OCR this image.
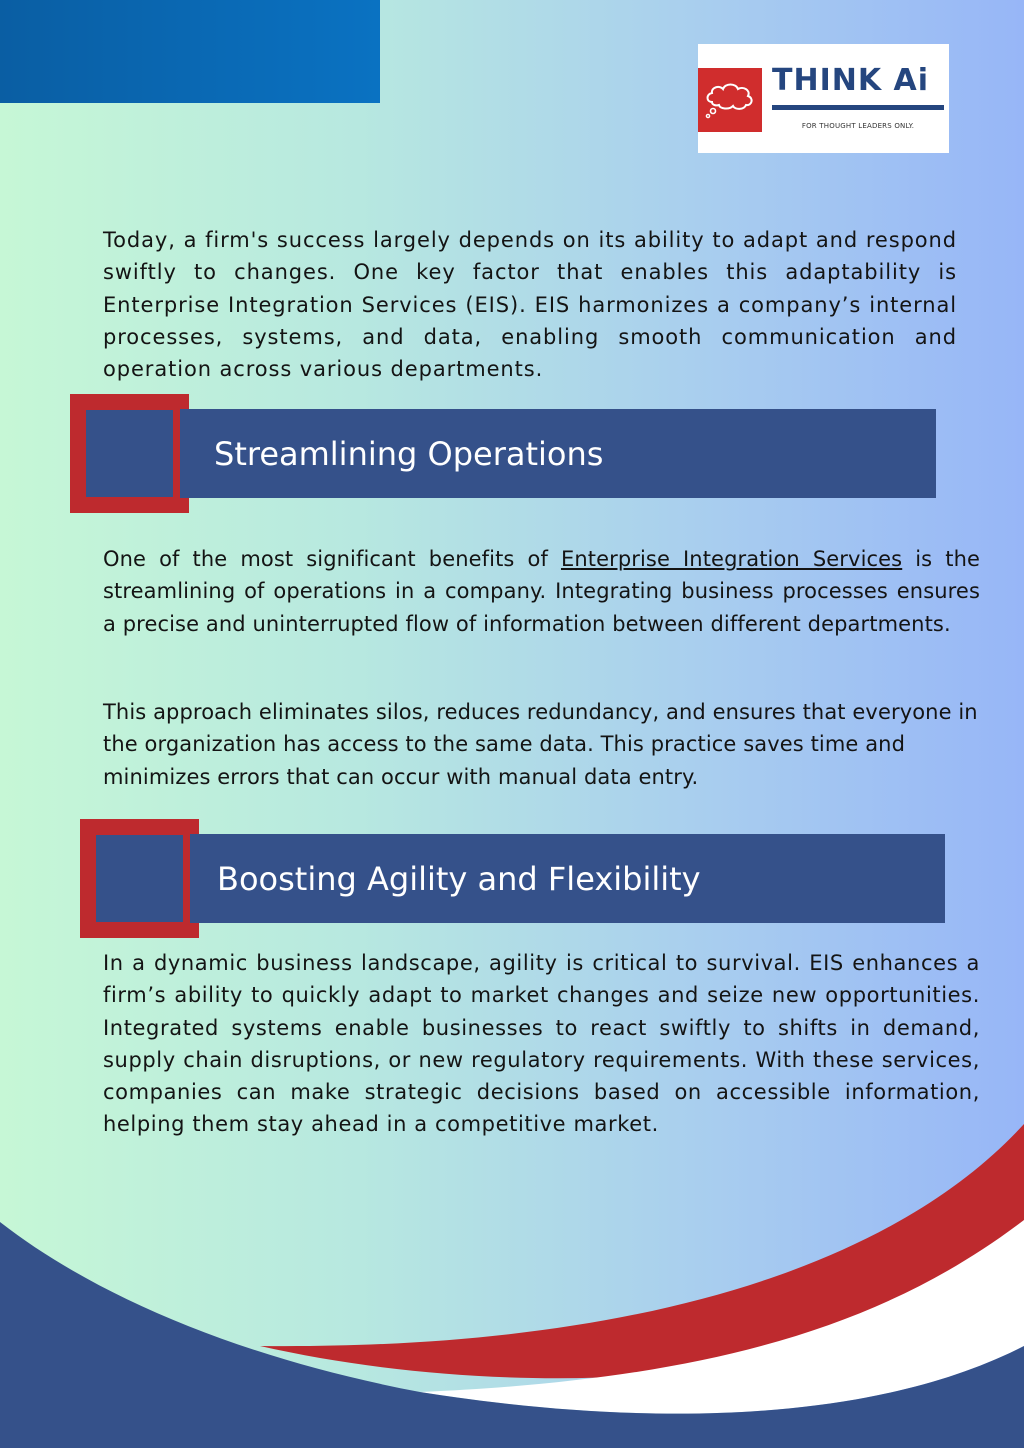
THINK Ai
FOR THOUGHT LEADERS ONLY.

Today, a firm's success largely depends on its ability to adapt and respond swiftly to changes. One key factor that enables this adaptability is Enterprise Integration Services (EIS). EIS harmonizes a company’s internal processes, systems, and data, enabling smooth communication and operation across various departments.

Streamlining Operations

One of the most significant benefits of Enterprise Integration Services is the streamlining of operations in a company. Integrating business processes ensures a precise and uninterrupted flow of information between different departments.

This approach eliminates silos, reduces redundancy, and ensures that everyone in the organization has access to the same data. This practice saves time and minimizes errors that can occur with manual data entry.

Boosting Agility and Flexibility

In a dynamic business landscape, agility is critical to survival. EIS enhances a firm’s ability to quickly adapt to market changes and seize new opportunities. Integrated systems enable businesses to react swiftly to shifts in demand, supply chain disruptions, or new regulatory requirements. With these services, companies can make strategic decisions based on accessible information, helping them stay ahead in a competitive market.
